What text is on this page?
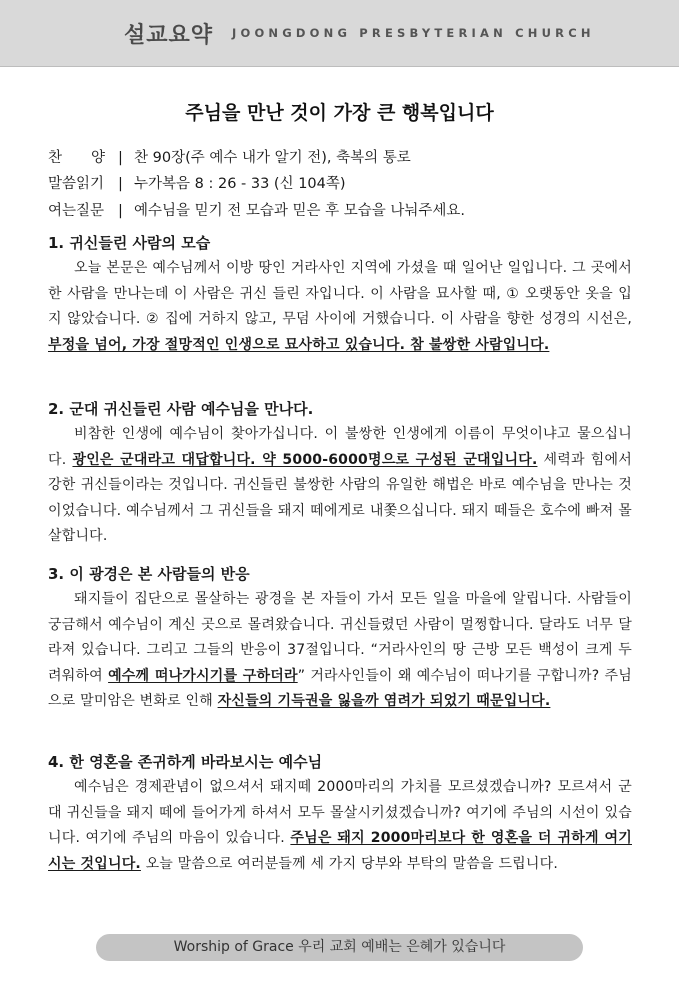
설교요약 JOONGDONG PRESBYTERIAN CHURCH
주님을 만난 것이 가장 큰 행복입니다
찬　　양 | 찬 90장(주 예수 내가 알기 전), 축복의 통로
말씀읽기 | 누가복음 8 : 26 - 33 (신 104쪽)
여는질문 | 예수님을 믿기 전 모습과 믿은 후 모습을 나눠주세요.
1. 귀신들린 사람의 모습

오늘 본문은 예수님께서 이방 땅인 거라사인 지역에 가셨을 때 일어난 일입니다. 그 곳에서 한 사람을 만나는데 이 사람은 귀신 들린 자입니다. 이 사람을 묘사할 때, ① 오랫동안 옷을 입지 않았습니다. ② 집에 거하지 않고, 무덤 사이에 거했습니다. 이 사람을 향한 성경의 시선은, 부정을 넘어, 가장 절망적인 인생으로 묘사하고 있습니다. 참 불쌍한 사람입니다.

2. 군대 귀신들린 사람 예수님을 만나다.

비참한 인생에 예수님이 찾아가십니다. 이 불쌍한 인생에게 이름이 무엇이냐고 물으십니다. 광인은 군대라고 대답합니다. 약 5000-6000명으로 구성된 군대입니다. 세력과 힘에서 강한 귀신들이라는 것입니다. 귀신들린 불쌍한 사람의 유일한 해법은 바로 예수님을 만나는 것이었습니다. 예수님께서 그 귀신들을 돼지 떼에게로 내쫓으십니다. 돼지 떼들은 호수에 빠져 몰살합니다.

3. 이 광경은 본 사람들의 반응

돼지들이 집단으로 몰살하는 광경을 본 자들이 가서 모든 일을 마을에 알립니다. 사람들이 궁금해서 예수님이 계신 곳으로 몰려왔습니다. 귀신들렸던 사람이 멀쩡합니다. 달라도 너무 달라져 있습니다. 그리고 그들의 반응이 37절입니다. “거라사인의 땅 근방 모든 백성이 크게 두려워하여 예수께 떠나가시기를 구하더라” 거라사인들이 왜 예수님이 떠나기를 구합니까? 주님으로 말미암은 변화로 인해 자신들의 기득권을 잃을까 염려가 되었기 때문입니다.

4. 한 영혼을 존귀하게 바라보시는 예수님

예수님은 경제관념이 없으셔서 돼지떼 2000마리의 가치를 모르셨겠습니까? 모르셔서 군대 귀신들을 돼지 떼에 들어가게 하셔서 모두 몰살시키셨겠습니까? 여기에 주님의 시선이 있습니다. 여기에 주님의 마음이 있습니다. 주님은 돼지 2000마리보다 한 영혼을 더 귀하게 여기시는 것입니다. 오늘 말씀으로 여러분들께 세 가지 당부와 부탁의 말씀을 드립니다.

Worship of Grace 우리 교회 예배는 은혜가 있습니다
